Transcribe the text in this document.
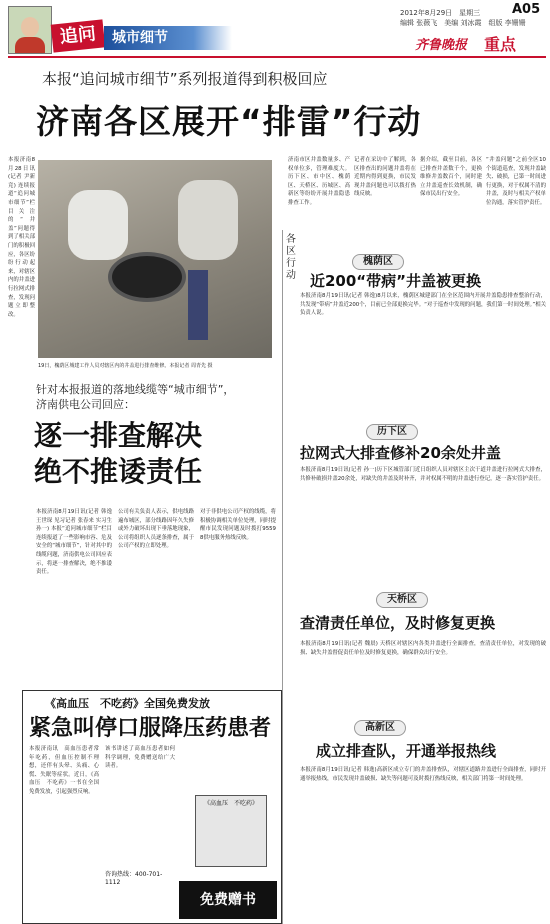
追问	城市细节
2012年8月29日　星期三
编辑 张薇飞　美编 刘冰霞　组版 李姗姗
A05
齐鲁晚报 重点
本报“追问城市细节”系列报道得到积极回应
济南各区展开“排雷”行动
本报济南8月28日讯(记者 尹新竞) 连续报道“追问城市细节”栏目关注的“井盖”问题得到了相关部门的积极回应，各区纷纷行动起来，对辖区内的井盖进行拉网式排查，发现问题立即整改。
19日，槐荫区城建工作人员对辖区内的井盖进行排查维修。本报记者 周青先 摄
济南市区井盖数量多、产权单位多，管理难度大。历下区、市中区、槐荫区、天桥区、历城区、高新区等纷纷开展井盖隐患排查工作。
记者在采访中了解到，各区排查出的问题井盖将在近期内得到更换，市民发现井盖问题也可以拨打热线反映。
据介绍，截至目前，各区已排查井盖数千个，更换维修井盖数百个，同时建立井盖巡查长效机制，确保市民出行安全。
“井盖问题”之前全区10个街道巡查，发现井盖缺失、破损，已第一时间进行更换，对于权属不清的井盖，及时与相关产权单位沟通，落实管护责任。
针对本报报道的落地线缆等“城市细节”，
济南供电公司回应：
逐一排查解决
绝不推诿责任
本报济南8月19日讯(记者 韩逸 王世琛 见习记者 张春来 实习生 孙一) 本报“追问城市细节”栏目连续报道了一些影响市容、危及安全的“城市细节”，针对其中的线缆问题，济南供电公司回应表示，将逐一排查解决，绝不推诿责任。
公司有关负责人表示，供电线路遍布城区，部分线路因年久失修或外力破坏出现下垂落地现象，公司将组织人员逐条排查，属于公司产权的立即处理。
对于非供电公司产权的线缆，将积极协调相关单位处理，同时提醒市民发现问题及时拨打95598供电服务热线反映。
《高血压　不吃药》全国免费发放
紧急叫停口服降压药患者
本报济南讯　高血压患者常年吃药，但血压控制不理想，还伴有头晕、头痛、心慌、失眠等症状。近日，《高血压　不吃药》一书在全国免费发放，引起强烈反响。
该书讲述了高血压患者如何科学调理，免费赠送给广大读者。
咨询热线：400-701-1112
《高血压　不吃药》
免费赠书
各区行动
槐荫区
近200“带病”井盖被更换
本报济南8月19日讯(记者 韩逸)8月以来，槐荫区城建部门在全区范围内开展井盖隐患排查整治行动，共发现“带病”井盖近200个，目前已全部更换完毕。“对于巡查中发现的问题，我们第一时间处理。”相关负责人说。
历下区
拉网式大排查修补20余处井盖
本报济南8月19日讯(记者 孙一)历下区城管部门近日组织人员对辖区主次干道井盖进行拉网式大排查，共修补破损井盖20余处，对缺失的井盖及时补齐，并对权属不明的井盖进行登记，逐一落实管护责任。
天桥区
查清责任单位，及时修复更换
本报济南8月19日讯(记者 魏晨) 天桥区对辖区内各类井盖进行全面排查，查清责任单位，对发现的破损、缺失井盖督促责任单位及时修复更换，确保群众出行安全。
高新区
成立排查队，开通举报热线
本报济南8月19日讯(记者 韩逸)高新区成立专门的井盖排查队，对辖区道路井盖进行全面排查，同时开通举报热线，市民发现井盖破损、缺失等问题可及时拨打热线反映，相关部门将第一时间处理。
